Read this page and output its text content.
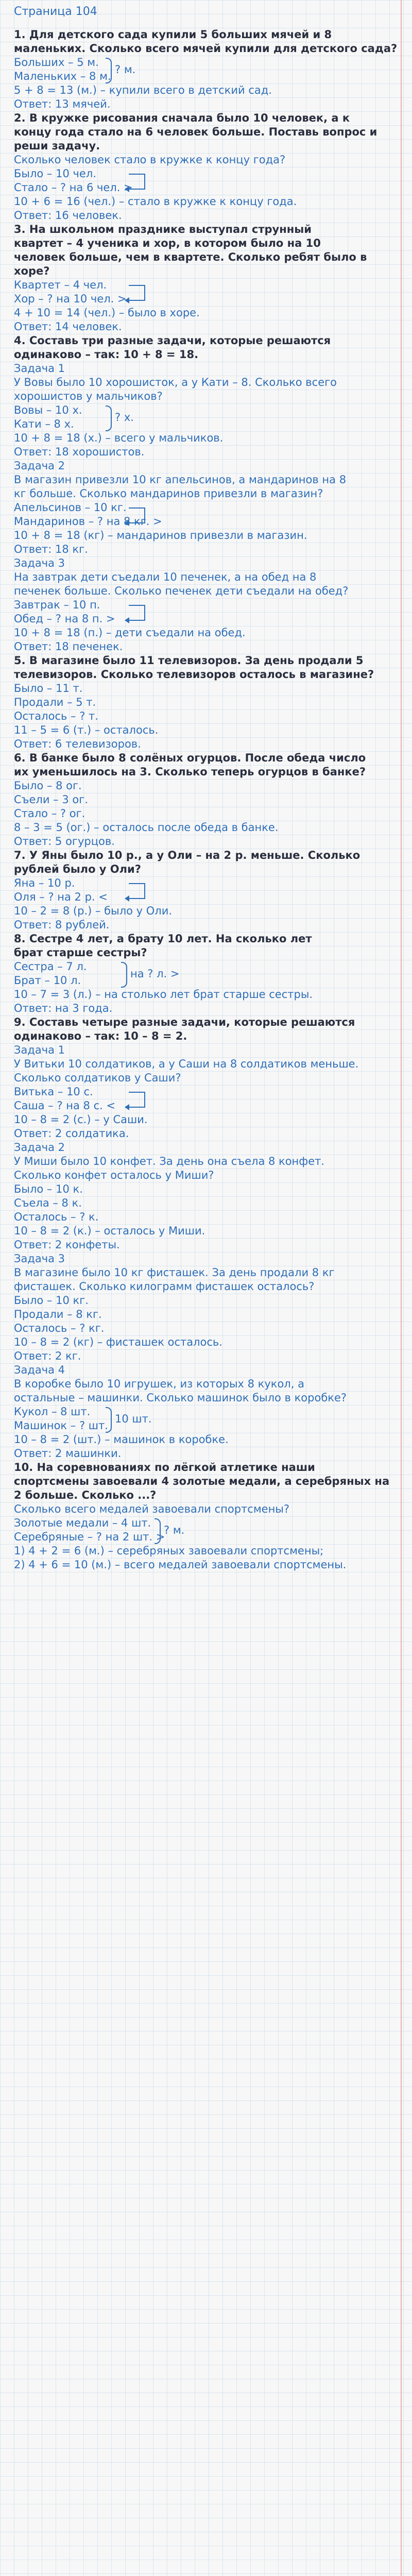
Страница 104
1. Для детского сада купили 5 больших мячей и 8
маленьких. Сколько всего мячей купили для детского сада?
Больших – 5 м.
Маленьких – 8 м.
5 + 8 = 13 (м.) – купили всего в детский сад.
Ответ: 13 мячей.
? м.
2. В кружке рисования сначала было 10 человек, а к
концу года стало на 6 человек больше. Поставь вопрос и
реши задачу.
Сколько человек стало в кружке к концу года?
Было – 10 чел.
Стало – ? на 6 чел. >
10 + 6 = 16 (чел.) – стало в кружке к концу года.
Ответ: 16 человек.
3. На школьном празднике выступал струнный
квартет – 4 ученика и хор, в котором было на 10
человек больше, чем в квартете. Сколько ребят было в
хоре?
Квартет – 4 чел.
Хор – ? на 10 чел. >
4 + 10 = 14 (чел.) – было в хоре.
Ответ: 14 человек.
4. Составь три разные задачи, которые решаются
одинаково – так: 10 + 8 = 18.
Задача 1
У Вовы было 10 хорошисток, а у Кати – 8. Сколько всего
хорошистов у мальчиков?
Вовы – 10 х.
Кати – 8 х.
10 + 8 = 18 (х.) – всего у мальчиков.
Ответ: 18 хорошистов.
? х.
Задача 2
В магазин привезли 10 кг апельсинов, а мандаринов на 8
кг больше. Сколько мандаринов привезли в магазин?
Апельсинов – 10 кг.
Мандаринов – ? на 8 кг. >
10 + 8 = 18 (кг) – мандаринов привезли в магазин.
Ответ: 18 кг.
Задача 3
На завтрак дети съедали 10 печенек, а на обед на 8
печенек больше. Сколько печенек дети съедали на обед?
Завтрак – 10 п.
Обед – ? на 8 п. >
10 + 8 = 18 (п.) – дети съедали на обед.
Ответ: 18 печенек.
5. В магазине было 11 телевизоров. За день продали 5
телевизоров. Сколько телевизоров осталось в магазине?
Было – 11 т.
Продали – 5 т.
Осталось – ? т.
11 – 5 = 6 (т.) – осталось.
Ответ: 6 телевизоров.
6. В банке было 8 солёных огурцов. После обеда число
их уменьшилось на 3. Сколько теперь огурцов в банке?
Было – 8 ог.
Съели – 3 ог.
Стало – ? ог.
8 – 3 = 5 (ог.) – осталось после обеда в банке.
Ответ: 5 огурцов.
7. У Яны было 10 р., а у Оли – на 2 р. меньше. Сколько
рублей было у Оли?
Яна – 10 р.
Оля – ? на 2 р. <
10 – 2 = 8 (р.) – было у Оли.
Ответ: 8 рублей.
8. Сестре 4 лет, а брату 10 лет. На сколько лет
брат старше сестры?
Сестра – 7 л.
Брат – 10 л.
10 – 7 = 3 (л.) – на столько лет брат старше сестры.
Ответ: на 3 года.
на ? л. >
9. Составь четыре разные задачи, которые решаются
одинаково – так: 10 – 8 = 2.
Задача 1
У Витьки 10 солдатиков, а у Саши на 8 солдатиков меньше.
Сколько солдатиков у Саши?
Витька – 10 с.
Саша – ? на 8 с. <
10 – 8 = 2 (с.) – у Саши.
Ответ: 2 солдатика.
Задача 2
У Миши было 10 конфет. За день она съела 8 конфет.
Сколько конфет осталось у Миши?
Было – 10 к.
Съела – 8 к.
Осталось – ? к.
10 – 8 = 2 (к.) – осталось у Миши.
Ответ: 2 конфеты.
Задача 3
В магазине было 10 кг фисташек. За день продали 8 кг
фисташек. Сколько килограмм фисташек осталось?
Было – 10 кг.
Продали – 8 кг.
Осталось – ? кг.
10 – 8 = 2 (кг) – фисташек осталось.
Ответ: 2 кг.
Задача 4
В коробке было 10 игрушек, из которых 8 кукол, а
остальные – машинки. Сколько машинок было в коробке?
Кукол – 8 шт.
Машинок – ? шт.
10 – 8 = 2 (шт.) – машинок в коробке.
Ответ: 2 машинки.
10 шт.
10. На соревнованиях по лёгкой атлетике наши
спортсмены завоевали 4 золотые медали, а серебряных на
2 больше. Сколько ...?
Сколько всего медалей завоевали спортсмены?
Золотые медали – 4 шт.
Серебряные – ? на 2 шт. >
1) 4 + 2 = 6 (м.) – серебряных завоевали спортсмены;
2) 4 + 6 = 10 (м.) – всего медалей завоевали спортсмены.
? м.
